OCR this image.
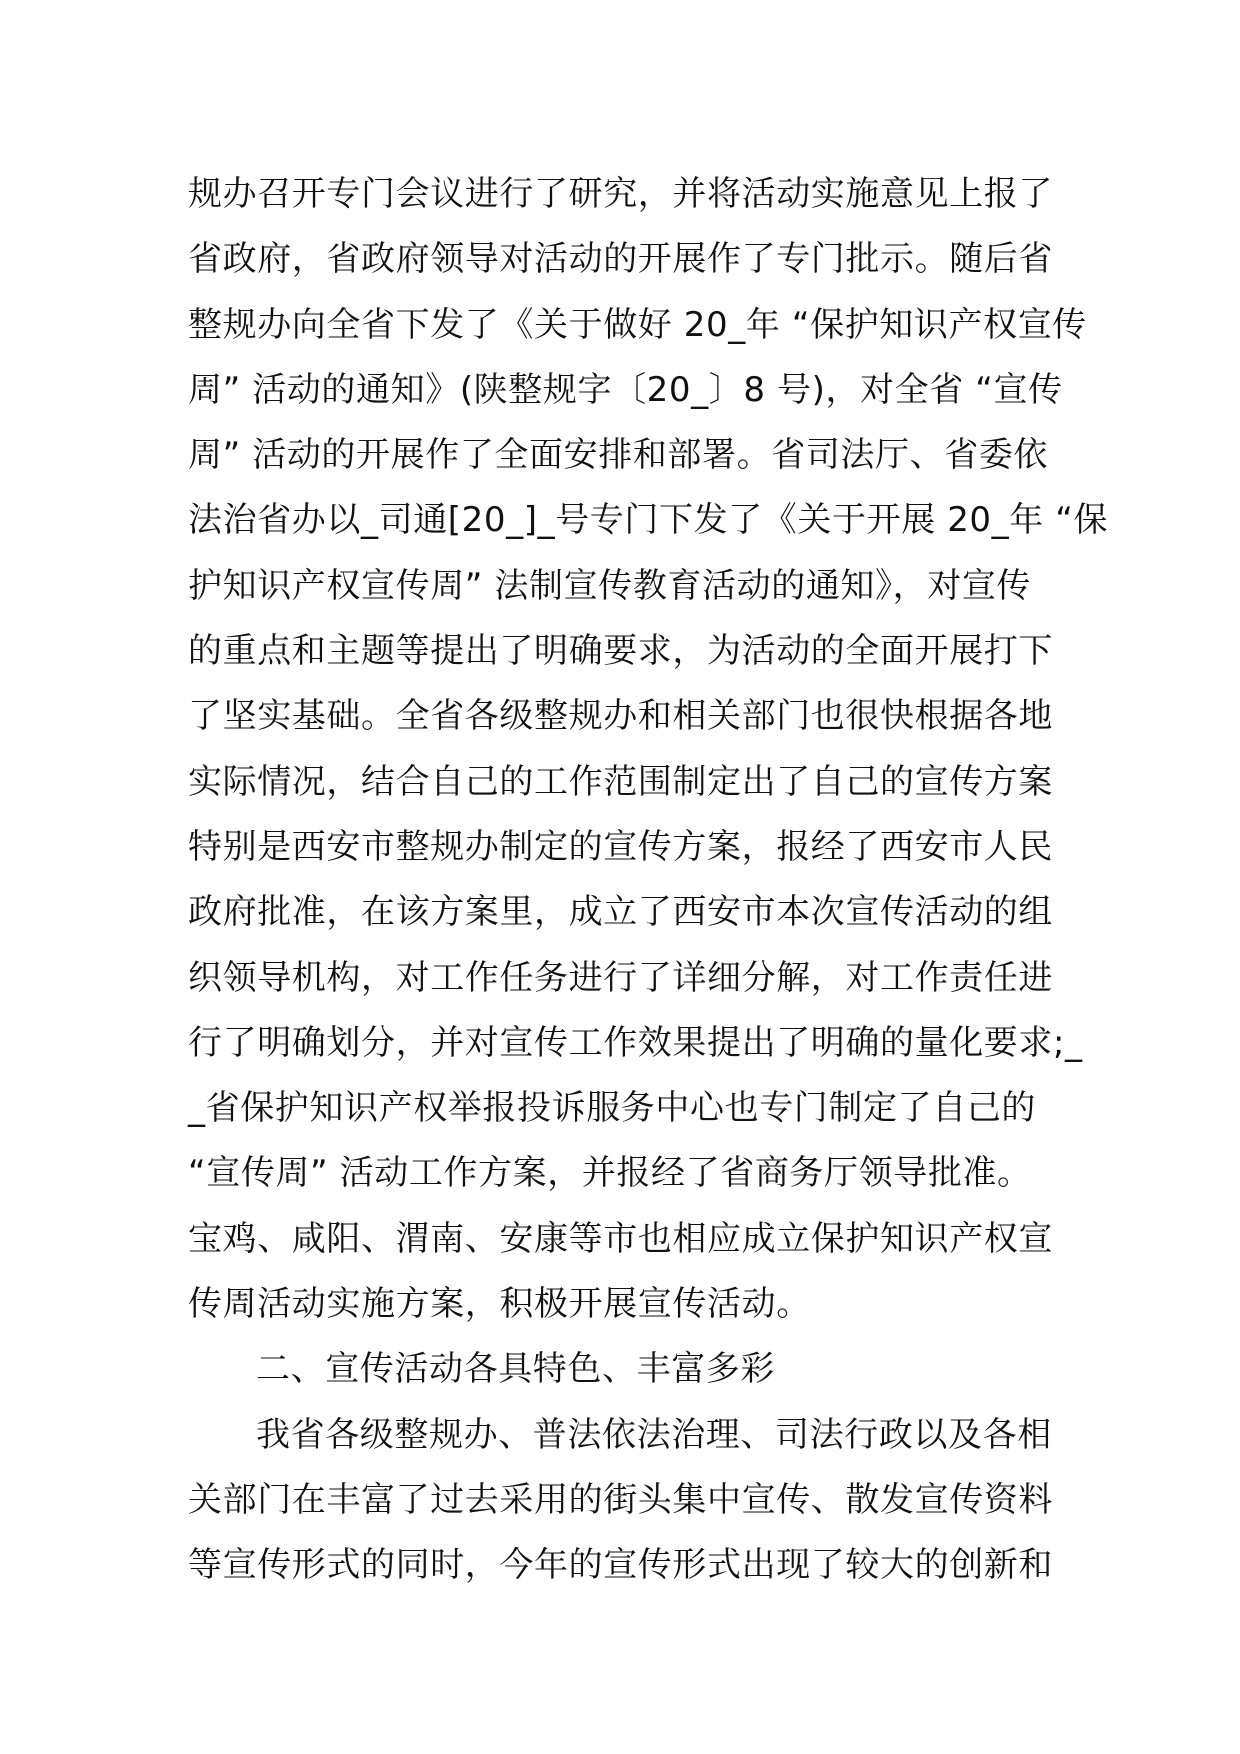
规办召开专门会议进行了研究，并将活动实施意见上报了
省政府，省政府领导对活动的开展作了专门批示。随后省
整规办向全省下发了《关于做好 20_年 “保护知识产权宣传
周” 活动的通知》(陕整规字〔20_〕8 号)，对全省 “宣传
周” 活动的开展作了全面安排和部署。省司法厅、省委依
法治省办以_司通[20_]_号专门下发了《关于开展 20_年 “保
护知识产权宣传周” 法制宣传教育活动的通知》，对宣传
的重点和主题等提出了明确要求，为活动的全面开展打下
了坚实基础。全省各级整规办和相关部门也很快根据各地
实际情况，结合自己的工作范围制定出了自己的宣传方案
特别是西安市整规办制定的宣传方案，报经了西安市人民
政府批准，在该方案里，成立了西安市本次宣传活动的组
织领导机构，对工作任务进行了详细分解，对工作责任进
行了明确划分，并对宣传工作效果提出了明确的量化要求;_
_省保护知识产权举报投诉服务中心也专门制定了自己的
“宣传周” 活动工作方案，并报经了省商务厅领导批准。
宝鸡、咸阳、渭南、安康等市也相应成立保护知识产权宣
传周活动实施方案，积极开展宣传活动。
二、宣传活动各具特色、丰富多彩
我省各级整规办、普法依法治理、司法行政以及各相
关部门在丰富了过去采用的街头集中宣传、散发宣传资料
等宣传形式的同时，今年的宣传形式出现了较大的创新和
